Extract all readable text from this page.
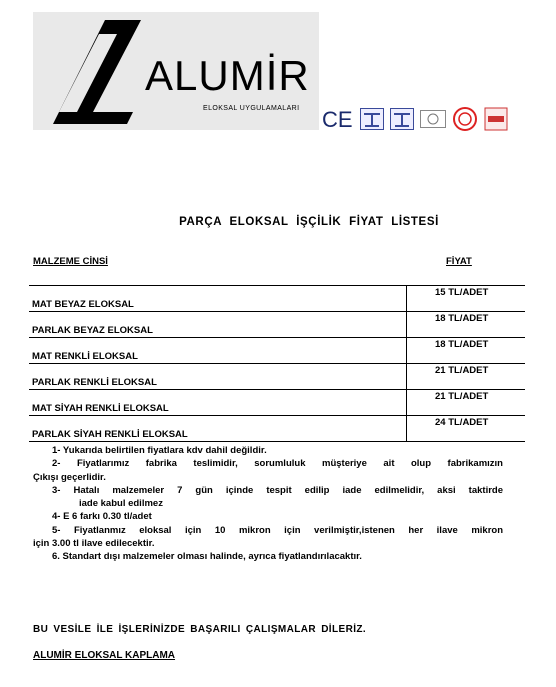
ALUMİR
ELOKSAL UYGULAMALARI CE
PARÇA ELOKSAL İŞÇİLİK FİYAT LİSTESİ
MALZEME CİNSİ	FİYAT
MAT BEYAZ ELOKSAL	15 TL/ADET
PARLAK BEYAZ ELOKSAL	18 TL/ADET
MAT RENKLİ ELOKSAL	18 TL/ADET
PARLAK RENKLİ ELOKSAL	21 TL/ADET
MAT SİYAH RENKLİ ELOKSAL	21 TL/ADET
PARLAK SİYAH RENKLİ ELOKSAL	24 TL/ADET

1- Yukarıda belirtilen fiyatlara kdv dahil değildir.

2- Fiyatlarımız fabrika teslimidir, sorumluluk müşteriye ait olup fabrikamızın

Çıkışı geçerlidir.

3- Hatalı malzemeler 7 gün içinde tespit edilip iade edilmelidir, aksi taktirde

iade kabul edilmez

4- E 6 farkı 0.30 tl/adet

5- Fiyatlanmız eloksal için 10 mikron için verilmiştir,istenen her ilave mikron

için 3.00 tl ilave edilecektir.

6. Standart dışı malzemeler olması halinde, ayrıca fiyatlandırılacaktır.

BU VESİLE İLE İŞLERİNİZDE BAŞARILI ÇALIŞMALAR DİLERİZ.
ALUMİR ELOKSAL KAPLAMA
